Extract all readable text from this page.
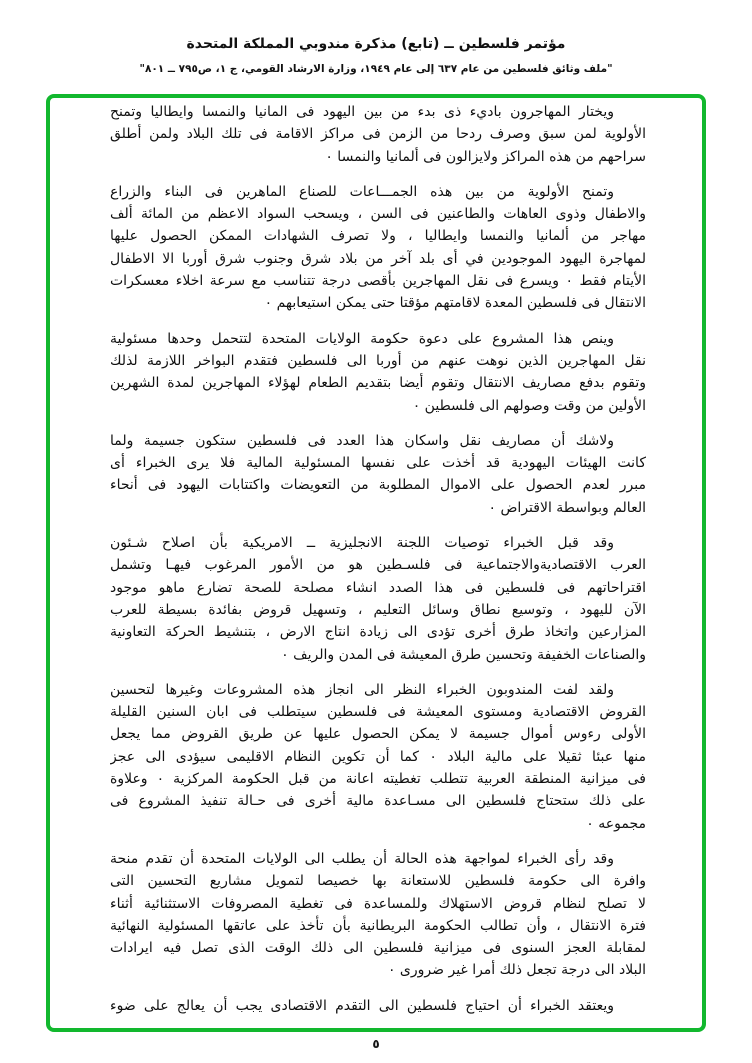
مؤتمر فلسطين ــ (تابع) مذكرة مندوبي المملكة المتحدة
"ملف وثائق فلسطين من عام ٦٣٧ إلى عام ١٩٤٩، وزارة الارشاد القومي، ج ١، ص٧٩٥ ــ ٨٠١"
ويختار المهاجرون باديء ذى بدء من بين اليهود فى المانيا والنمسا وايطاليا وتمنح
الأولوية لمن سبق وصرف ردحا من الزمن فى مراكز الاقامة فى تلك البلاد ولمن أطلق
سراحهم من هذه المراكز ولايزالون فى ألمانيا والنمسا ٠
وتمنح الأولوية من بين هذه الجمـــاعات للصناع الماهرين فى البناء والزراع
والاطفال وذوى العاهات والطاعنين فى السن ، ويسحب السواد الاعظم من المائة ألف
مهاجر من ألمانيا والنمسا وايطاليا ، ولا تصرف الشهادات الممكن الحصول عليها
لمهاجرة اليهود الموجودين في أى بلد آخر من بلاد شرق وجنوب شرق أوربا الا الاطفال
الأيتام فقط ٠ ويسرع فى نقل المهاجرين بأقصى درجة تتناسب مع سرعة اخلاء معسكرات
الانتقال فى فلسطين المعدة لاقامتهم مؤقتا حتى يمكن استيعابهم ٠
وينص هذا المشروع على دعوة حكومة الولايات المتحدة لتتحمل وحدها مسئولية
نقل المهاجرين الذين نوهت عنهم من أوربا الى فلسطين فتقدم البواخر اللازمة لذلك
وتقوم بدفع مصاريف الانتقال وتقوم أيضا بتقديم الطعام لهؤلاء المهاجرين لمدة الشهرين
الأولين من وقت وصولهم الى فلسطين ٠
ولاشك أن مصاريف نقل واسكان هذا العدد فى فلسطين ستكون جسيمة ولما
كانت الهيئات اليهودية قد أخذت على نفسها المسئولية المالية فلا يرى الخبراء أى
مبرر لعدم الحصول على الاموال المطلوبة من التعويضات واكتتابات اليهود فى أنحاء
العالم وبواسطة الاقتراض ٠
وقد قبل الخبراء توصيات اللجنة الانجليزية ــ الامريكية بأن اصلاح شـئون
العرب الاقتصاديةوالاجتماعية فى فلسـطين هو من الأمور المرغوب فيهـا وتشمل
اقتراحاتهم فى فلسطين فى هذا الصدد انشاء مصلحة للصحة تضارع ماهو موجود
الآن لليهود ، وتوسيع نطاق وسائل التعليم ، وتسهيل قروض بفائدة بسيطة للعرب
المزارعين واتخاذ طرق أخرى تؤدى الى زيادة انتاج الارض ، بتنشيط الحركة التعاونية
والصناعات الخفيفة وتحسين طرق المعيشة فى المدن والريف ٠
ولقد لفت المندوبون الخبراء النظر الى انجاز هذه المشروعات وغيرها لتحسين
القروض الاقتصادية ومستوى المعيشة فى فلسطين سيتطلب فى ابان السنين القليلة
الأولى رءوس أموال جسيمة لا يمكن الحصول عليها عن طريق القروض مما يجعل
منها عبئا ثقيلا على مالية البلاد ٠ كما أن تكوين النظام الاقليمى سيؤدى الى عجز
فى ميزانية المنطقة العربية تتطلب تغطيته اعانة من قبل الحكومة المركزية ٠ وعلاوة
على ذلك ستحتاج فلسطين الى مسـاعدة مالية أخرى فى حـالة تنفيذ المشروع فى
مجموعه ٠
وقد رأى الخبراء لمواجهة هذه الحالة أن يطلب الى الولايات المتحدة أن تقدم منحة
وافرة الى حكومة فلسطين للاستعانة بها خصيصا لتمويل مشاريع التحسين التى
لا تصلح لنظام قروض الاستهلاك وللمساعدة فى تغطية المصروفات الاستثنائية أثناء
فترة الانتقال ، وأن تطالب الحكومة البريطانية بأن تأخذ على عاتقها المسئولية النهائية
لمقابلة العجز السنوى فى ميزانية فلسطين الى ذلك الوقت الذى تصل فيه ايرادات
البلاد الى درجة تجعل ذلك أمرا غير ضرورى ٠
ويعتقد الخبراء أن احتياج فلسطين الى التقدم الاقتصادى يجب أن يعالج على ضوء
٥
